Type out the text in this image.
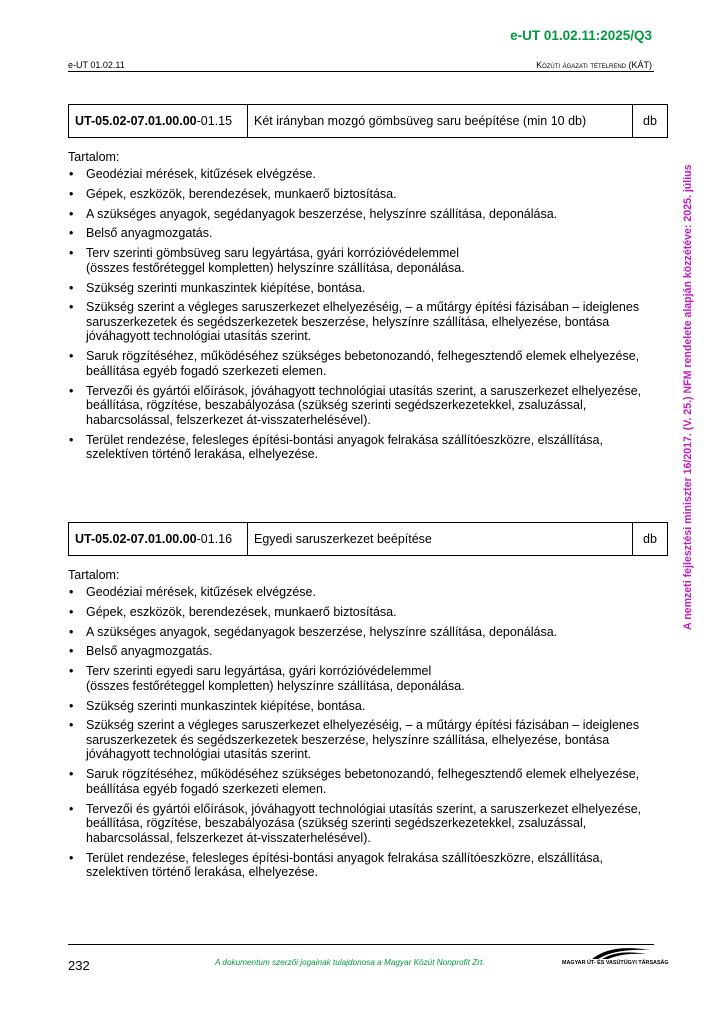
e-UT 01.02.11:2025/Q3
e-UT 01.02.11	Közúti ágazati tételrend (KÁT)
A nemzeti fejlesztési miniszter 16/2017. (V. 25.) NFM rendelete alapján közzétéve: 2025. július
UT-05.02-07.01.00.00-01.15	Két irányban mozgó gömbsüveg saru beépítése (min 10 db)	db
Tartalom:
• Geodéziai mérések, kitűzések elvégzése.
• Gépek, eszközök, berendezések, munkaerő biztosítása.
• A szükséges anyagok, segédanyagok beszerzése, helyszínre szállítása, deponálása.
• Belső anyagmozgatás.
• Terv szerinti gömbsüveg saru legyártása, gyári korrózióvédelemmel
(összes festőréteggel kompletten) helyszínre szállítása, deponálása.
• Szükség szerinti munkaszintek kiépítése, bontása.
• Szükség szerint a végleges saruszerkezet elhelyezéséig, – a műtárgy építési fázisában – ideiglenes saruszerkezetek és segédszerkezetek beszerzése, helyszínre szállítása, elhelyezése, bontása jóváhagyott technológiai utasítás szerint.
• Saruk rögzítéséhez, működéséhez szükséges bebetonozandó, felhegesztendő elemek elhelyezése, beállítása egyéb fogadó szerkezeti elemen.
• Tervezői és gyártói előírások, jóváhagyott technológiai utasítás szerint, a saruszerkezet elhelyezése, beállítása, rögzítése, beszabályozása (szükség szerinti segédszerkezetekkel, zsaluzással, habarcsolással, felszerkezet át-visszaterhelésével).
• Terület rendezése, felesleges építési-bontási anyagok felrakása szállítóeszközre, elszállítása, szelektíven történő lerakása, elhelyezése.
UT-05.02-07.01.00.00-01.16	Egyedi saruszerkezet beépítése	db
Tartalom:
• Geodéziai mérések, kitűzések elvégzése.
• Gépek, eszközök, berendezések, munkaerő biztosítása.
• A szükséges anyagok, segédanyagok beszerzése, helyszínre szállítása, deponálása.
• Belső anyagmozgatás.
• Terv szerinti egyedi saru legyártása, gyári korrózióvédelemmel
(összes festőréteggel kompletten) helyszínre szállítása, deponálása.
• Szükség szerinti munkaszintek kiépítése, bontása.
• Szükség szerint a végleges saruszerkezet elhelyezéséig, – a műtárgy építési fázisában – ideiglenes saruszerkezetek és segédszerkezetek beszerzése, helyszínre szállítása, elhelyezése, bontása jóváhagyott technológiai utasítás szerint.
• Saruk rögzítéséhez, működéséhez szükséges bebetonozandó, felhegesztendő elemek elhelyezése, beállítása egyéb fogadó szerkezeti elemen.
• Tervezői és gyártói előírások, jóváhagyott technológiai utasítás szerint, a saruszerkezet elhelyezése, beállítása, rögzítése, beszabályozása (szükség szerinti segédszerkezetekkel, zsaluzással, habarcsolással, felszerkezet át-visszaterhelésével).
• Terület rendezése, felesleges építési-bontási anyagok felrakása szállítóeszközre, elszállítása, szelektíven történő lerakása, elhelyezése.
232	A dokumentum szerzői jogainak tulajdonosa a Magyar Közút Nonprofit Zrt.	MAGYAR ÚT- ÉS VASÚTÜGYI TÁRSASÁG
